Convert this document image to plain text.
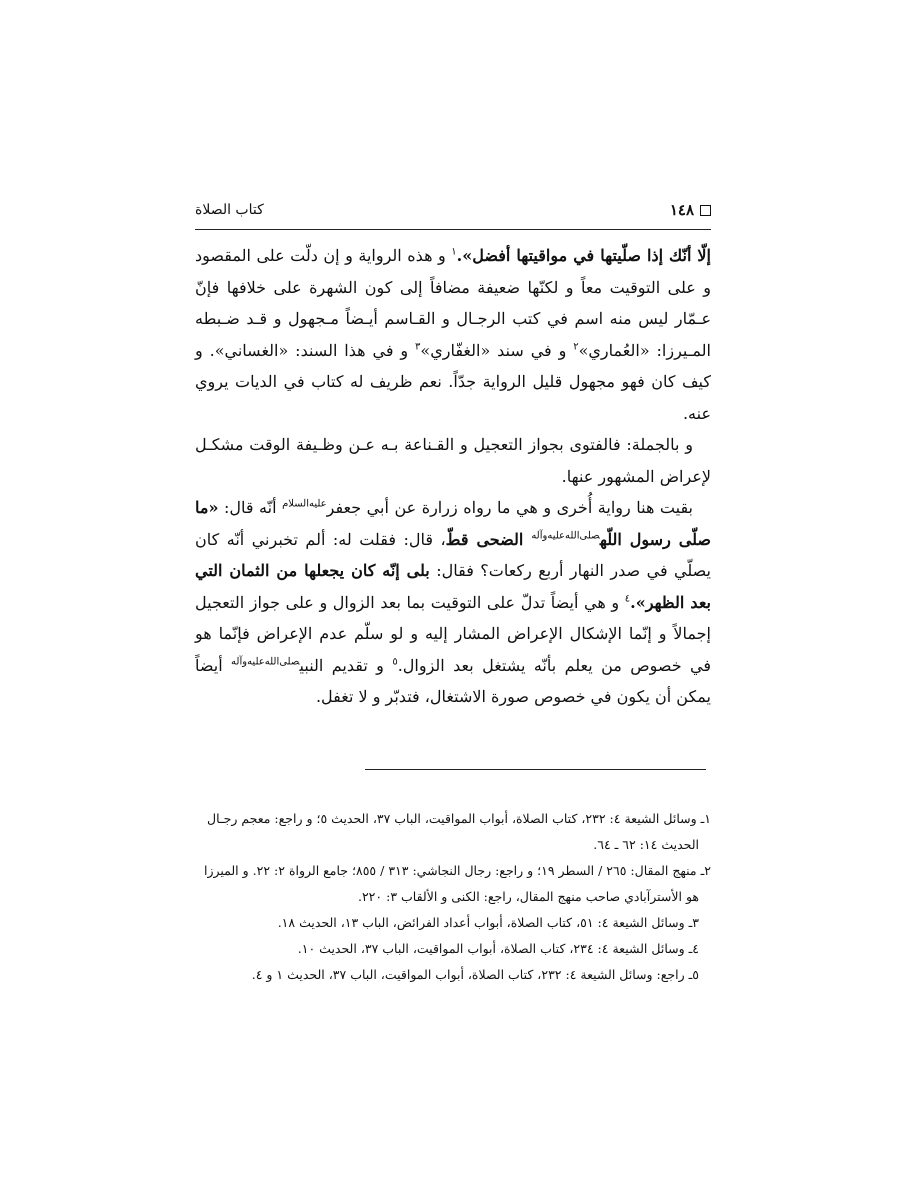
١٤٨
كتاب الصلاة

إلّا أنّك إذا صلّيتها في مواقيتها أفضل».$^١$ و هذه الرواية و إن دلّت على المقصود و على التوقيت معاً و لكنّها ضعيفة مضافاً إلى كون الشهرة على خلافها فإنّ عـمّار ليس منه اسم في كتب الرجـال و القـاسم أيـضاً مـجهول و قـد ضـبطه المـيرزا: «العُماري»$^٢$ و في سند «الغفّاري»$^٣$ و في هذا السند: «الغساني». و كيف كان فهو مجهول قليل الرواية جدّاً. نعم ظريف له كتاب في الديات يروي عنه.

و بالجملة: فالفتوى بجواز التعجيل و القـناعة بـه عـن وظـيفة الوقت مشكـل لإعراض المشهور عنها.

بقيت هنا رواية أُخرى و هي ما رواه زرارة عن أبي جعفر$^{عليه‌السلام}$ أنّه قال: «ما صلّى رسول اللّه$^{صلى‌الله‌عليه‌وآله}$ الضحى قطّ، قال: فقلت له: ألم تخبرني أنّه كان يصلّي في صدر النهار أربع ركعات؟ فقال: بلى إنّه كان يجعلها من الثمان التي بعد الظهر».$^٤$ و هي أيضاً تدلّ على التوقيت بما بعد الزوال و على جواز التعجيل إجمالاً و إنّما الإشكال الإعراض المشار إليه و لو سلّم عدم الإعراض فإنّما هو في خصوص من يعلم بأنّه يشتغل بعد الزوال.$^٥$ و تقديم النبي$^{صلى‌الله‌عليه‌وآله}$ أيضاً يمكن أن يكون في خصوص صورة الاشتغال، فتدبّر و لا تغفل.

١ـ وسائل الشيعة ٤: ٢٣٢، كتاب الصلاة، أبواب المواقيت، الباب ٣٧، الحديث ٥؛ و راجع: معجم رجـال

الحديث ١٤: ٦٢ ـ ٦٤.

٢ـ منهج المقال: ٢٦٥ / السطر ١٩؛ و راجع: رجال النجاشي: ٣١٣ / ٨٥٥؛ جامع الرواة ٢: ٢٢. و الميرزا

هو الأسترآبادي صاحب منهج المقال، راجع: الكنى و الألقاب ٣: ٢٢٠.

٣ـ وسائل الشيعة ٤: ٥١، كتاب الصلاة، أبواب أعداد الفرائض، الباب ١٣، الحديث ١٨.

٤ـ وسائل الشيعة ٤: ٢٣٤، كتاب الصلاة، أبواب المواقيت، الباب ٣٧، الحديث ١٠.

٥ـ راجع: وسائل الشيعة ٤: ٢٣٢، كتاب الصلاة، أبواب المواقيت، الباب ٣٧، الحديث ١ و ٤.
